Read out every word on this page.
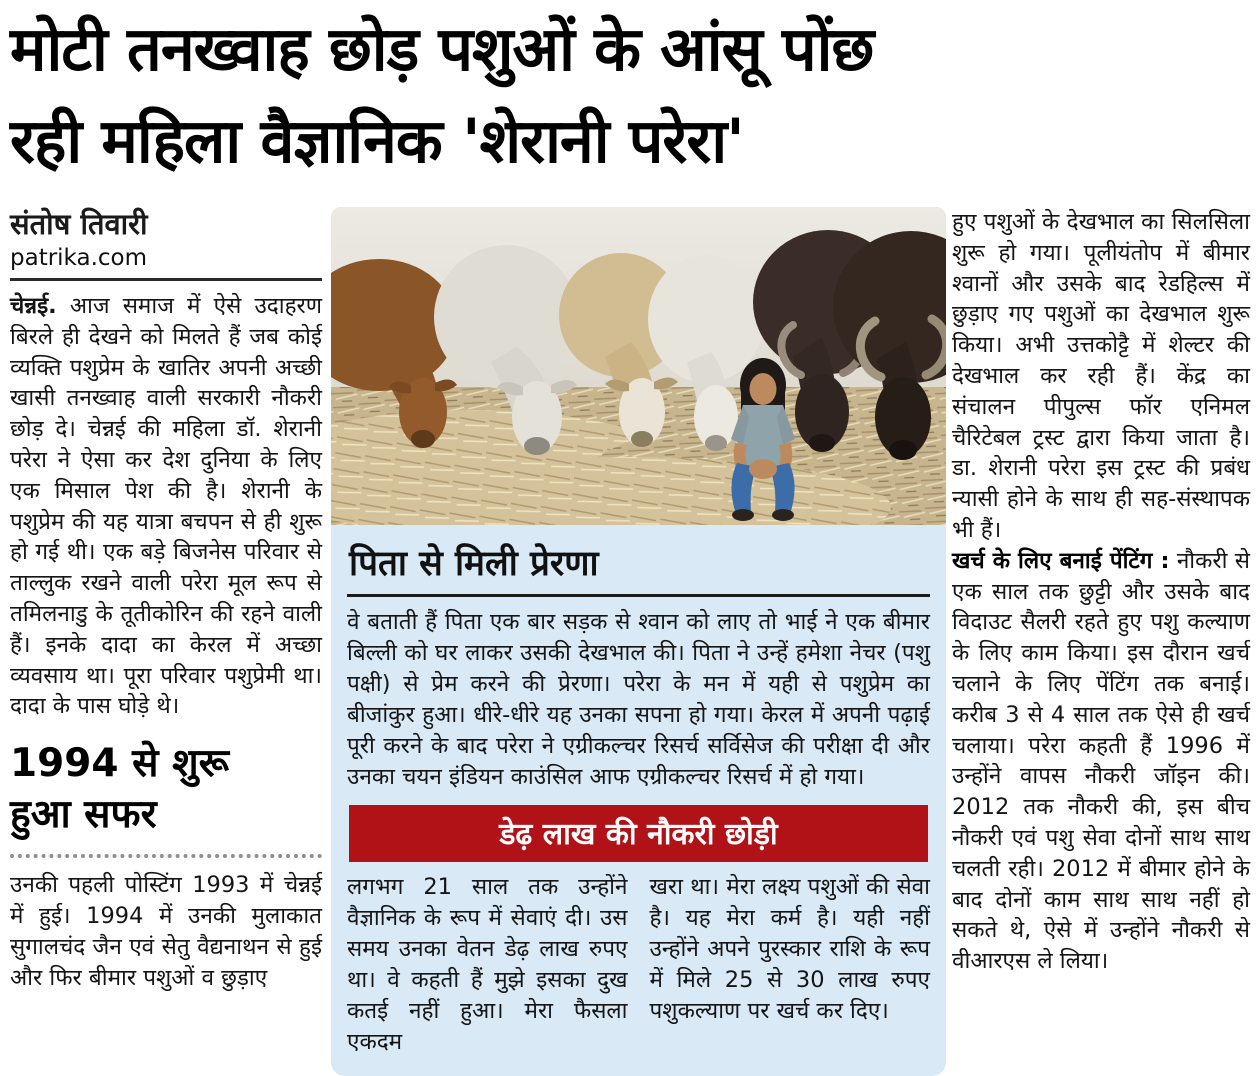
मोटी तनख्वाह छोड़ पशुओं के आंसू पोंछ
रही महिला वैज्ञानिक 'शेरानी परेरा'
संतोष तिवारी
patrika.com

चेन्नई. आज समाज में ऐसे उदाहरण बिरले ही देखने को मिलते हैं जब कोई व्यक्ति पशुप्रेम के खातिर अपनी अच्छी खासी तनख्वाह वाली सरकारी नौकरी छोड़ दे। चेन्नई की महिला डॉ. शेरानी परेरा ने ऐसा कर देश दुनिया के लिए एक मिसाल पेश की है। शेरानी के पशुप्रेम की यह यात्रा बचपन से ही शुरू हो गई थी। एक बड़े बिजनेस परिवार से ताल्लुक रखने वाली परेरा मूल रूप से तमिलनाडु के तूतीकोरिन की रहने वाली हैं। इनके दादा का केरल में अच्छा व्यवसाय था। पूरा परिवार पशुप्रेमी था। दादा के पास घोड़े थे।

1994 से शुरू
हुआ सफर

उनकी पहली पोस्टिंग 1993 में चेन्नई में हुई। 1994 में उनकी मुलाकात सुगालचंद जैन एवं सेतु वैद्यनाथन से हुई और फिर बीमार पशुओं व छुड़ाए

पिता से मिली प्रेरणा

वे बताती हैं पिता एक बार सड़क से श्वान को लाए तो भाई ने एक बीमार बिल्ली को घर लाकर उसकी देखभाल की। पिता ने उन्हें हमेशा नेचर (पशु पक्षी) से प्रेम करने की प्रेरणा। परेरा के मन में यही से पशुप्रेम का बीजांकुर हुआ। धीरे-धीरे यह उनका सपना हो गया। केरल में अपनी पढ़ाई पूरी करने के बाद परेरा ने एग्रीकल्चर रिसर्च सर्विसेज की परीक्षा दी और उनका चयन इंडियन काउंसिल आफ एग्रीकल्चर रिसर्च में हो गया।

डेढ़ लाख की नौकरी छोड़ी
लगभग 21 साल तक उन्होंने वैज्ञानिक के रूप में सेवाएं दी। उस समय उनका वेतन डेढ़ लाख रुपए था। वे कहती हैं मुझे इसका दुख कतई नहीं हुआ। मेरा फैसला एकदम
खरा था। मेरा लक्ष्य पशुओं की सेवा है। यह मेरा कर्म है। यही नहीं उन्होंने अपने पुरस्कार राशि के रूप में मिले 25 से 30 लाख रुपए पशुकल्याण पर खर्च कर दिए।

हुए पशुओं के देखभाल का सिलसिला शुरू हो गया। पूलीयंतोप में बीमार श्वानों और उसके बाद रेडहिल्स में छुड़ाए गए पशुओं का देखभाल शुरू किया। अभी उत्तकोट्टै में शेल्टर की देखभाल कर रही हैं। केंद्र का संचालन पीपुल्स फॉर एनिमल चैरिटेबल ट्रस्ट द्वारा किया जाता है। डा. शेरानी परेरा इस ट्रस्ट की प्रबंध न्यासी होने के साथ ही सह-संस्थापक भी हैं।

खर्च के लिए बनाई पेंटिंग : नौकरी से एक साल तक छुट्टी और उसके बाद विदाउट सैलरी रहते हुए पशु कल्याण के लिए काम किया। इस दौरान खर्च चलाने के लिए पेंटिंग तक बनाई। करीब 3 से 4 साल तक ऐसे ही खर्च चलाया। परेरा कहती हैं 1996 में उन्होंने वापस नौकरी जॉइन की। 2012 तक नौकरी की, इस बीच नौकरी एवं पशु सेवा दोनों साथ साथ चलती रही। 2012 में बीमार होने के बाद दोनों काम साथ साथ नहीं हो सकते थे, ऐसे में उन्होंने नौकरी से वीआरएस ले लिया।
